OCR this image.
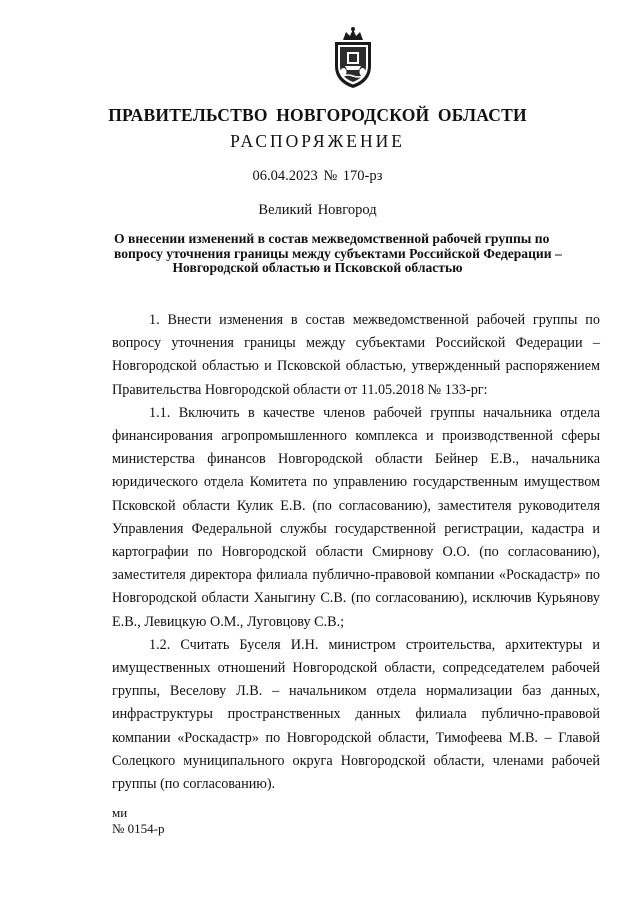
ПРАВИТЕЛЬСТВО НОВГОРОДСКОЙ ОБЛАСТИ
РАСПОРЯЖЕНИЕ
06.04.2023 № 170-рз
Великий Новгород
О внесении изменений в состав межведомственной рабочей группы по
вопросу уточнения границы между субъектами Российской Федерации –
Новгородской областью и Псковской областью

1. Внести изменения в состав межведомственной рабочей группы по вопросу уточнения границы между субъектами Российской Федерации – Новгородской областью и Псковской областью, утвержденный распоряжением Правительства Новгородской области от 11.05.2018 № 133-рг:

1.1. Включить в качестве членов рабочей группы начальника отдела финансирования агропромышленного комплекса и производственной сферы министерства финансов Новгородской области Бейнер Е.В., начальника юридического отдела Комитета по управлению государственным имуществом Псковской области Кулик Е.В. (по согласованию), заместителя руководителя Управления Федеральной службы государственной регистрации, кадастра и картографии по Новгородской области Смирнову О.О. (по согласованию), заместителя директора филиала публично-правовой компании «Роскадастр» по Новгородской области Ханыгину С.В. (по согласованию), исключив Курьянову Е.В., Левицкую О.М., Луговцову С.В.;

1.2. Считать Буселя И.Н. министром строительства, архитектуры и имущественных отношений Новгородской области, сопредседателем рабочей группы, Веселову Л.В. – начальником отдела нормализации баз данных, инфраструктуры пространственных данных филиала публично-правовой компании «Роскадастр» по Новгородской области, Тимофеева М.В. – Главой Солецкого муниципального округа Новгородской области, членами рабочей группы (по согласованию).

ми
№ 0154-р
